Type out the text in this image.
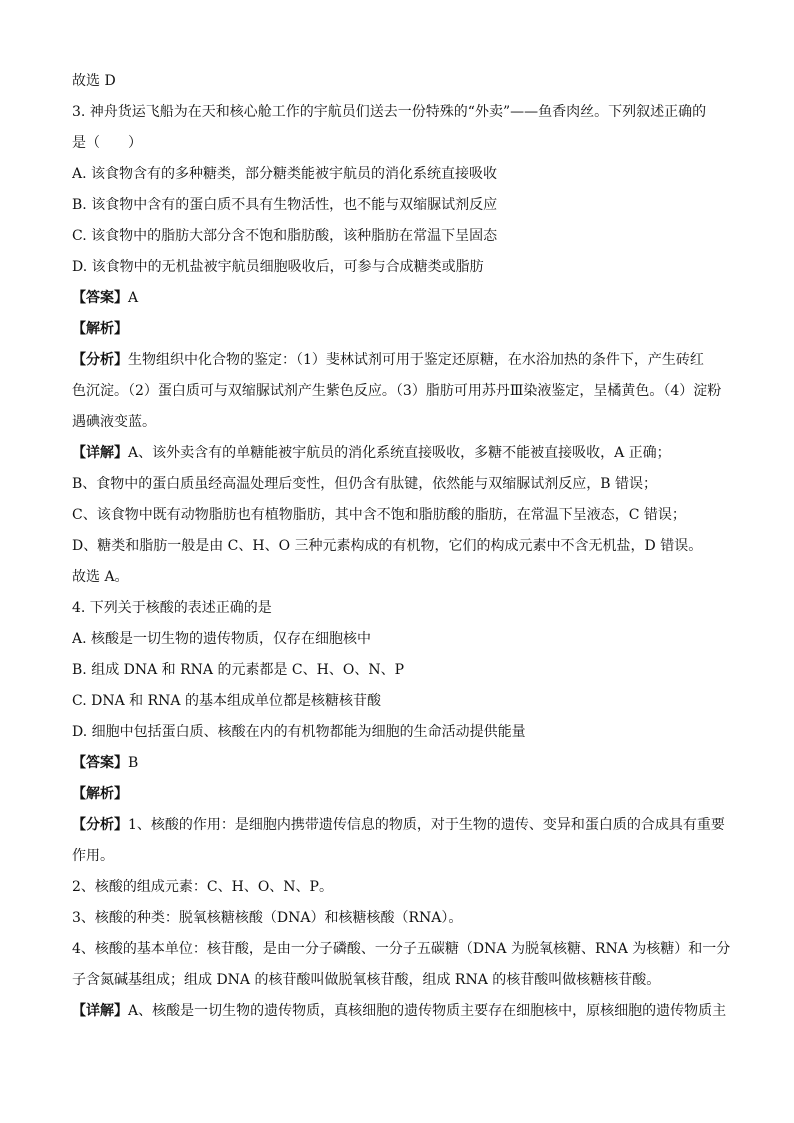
故选 D
3. 神舟货运飞船为在天和核心舱工作的宇航员们送去一份特殊的“外卖”——鱼香肉丝。下列叙述正确的
是（　　）
A. 该食物含有的多种糖类，部分糖类能被宇航员的消化系统直接吸收
B. 该食物中含有的蛋白质不具有生物活性，也不能与双缩脲试剂反应
C. 该食物中的脂肪大部分含不饱和脂肪酸，该种脂肪在常温下呈固态
D. 该食物中的无机盐被宇航员细胞吸收后，可参与合成糖类或脂肪
【答案】A
【解析】
【分析】生物组织中化合物的鉴定：（1）斐林试剂可用于鉴定还原糖，在水浴加热的条件下，产生砖红
色沉淀。（2）蛋白质可与双缩脲试剂产生紫色反应。（3）脂肪可用苏丹Ⅲ染液鉴定，呈橘黄色。（4）淀粉
遇碘液变蓝。
【详解】A、该外卖含有的单糖能被宇航员的消化系统直接吸收，多糖不能被直接吸收，A 正确；
B、食物中的蛋白质虽经高温处理后变性，但仍含有肽键，依然能与双缩脲试剂反应，B 错误；
C、该食物中既有动物脂肪也有植物脂肪，其中含不饱和脂肪酸的脂肪，在常温下呈液态，C 错误；
D、糖类和脂肪一般是由 C、H、O 三种元素构成的有机物，它们的构成元素中不含无机盐，D 错误。
故选 A。
4. 下列关于核酸的表述正确的是
A. 核酸是一切生物的遗传物质，仅存在细胞核中
B. 组成 DNA 和 RNA 的元素都是 C、H、O、N、P
C. DNA 和 RNA 的基本组成单位都是核糖核苷酸
D. 细胞中包括蛋白质、核酸在内的有机物都能为细胞的生命活动提供能量
【答案】B
【解析】
【分析】1、核酸的作用：是细胞内携带遗传信息的物质，对于生物的遗传、变异和蛋白质的合成具有重要
作用。
2、核酸的组成元素：C、H、O、N、P。
3、核酸的种类：脱氧核糖核酸（DNA）和核糖核酸（RNA）。
4、核酸的基本单位：核苷酸，是由一分子磷酸、一分子五碳糖（DNA 为脱氧核糖、RNA 为核糖）和一分
子含氮碱基组成；组成 DNA 的核苷酸叫做脱氧核苷酸，组成 RNA 的核苷酸叫做核糖核苷酸。
【详解】A、核酸是一切生物的遗传物质，真核细胞的遗传物质主要存在细胞核中，原核细胞的遗传物质主
